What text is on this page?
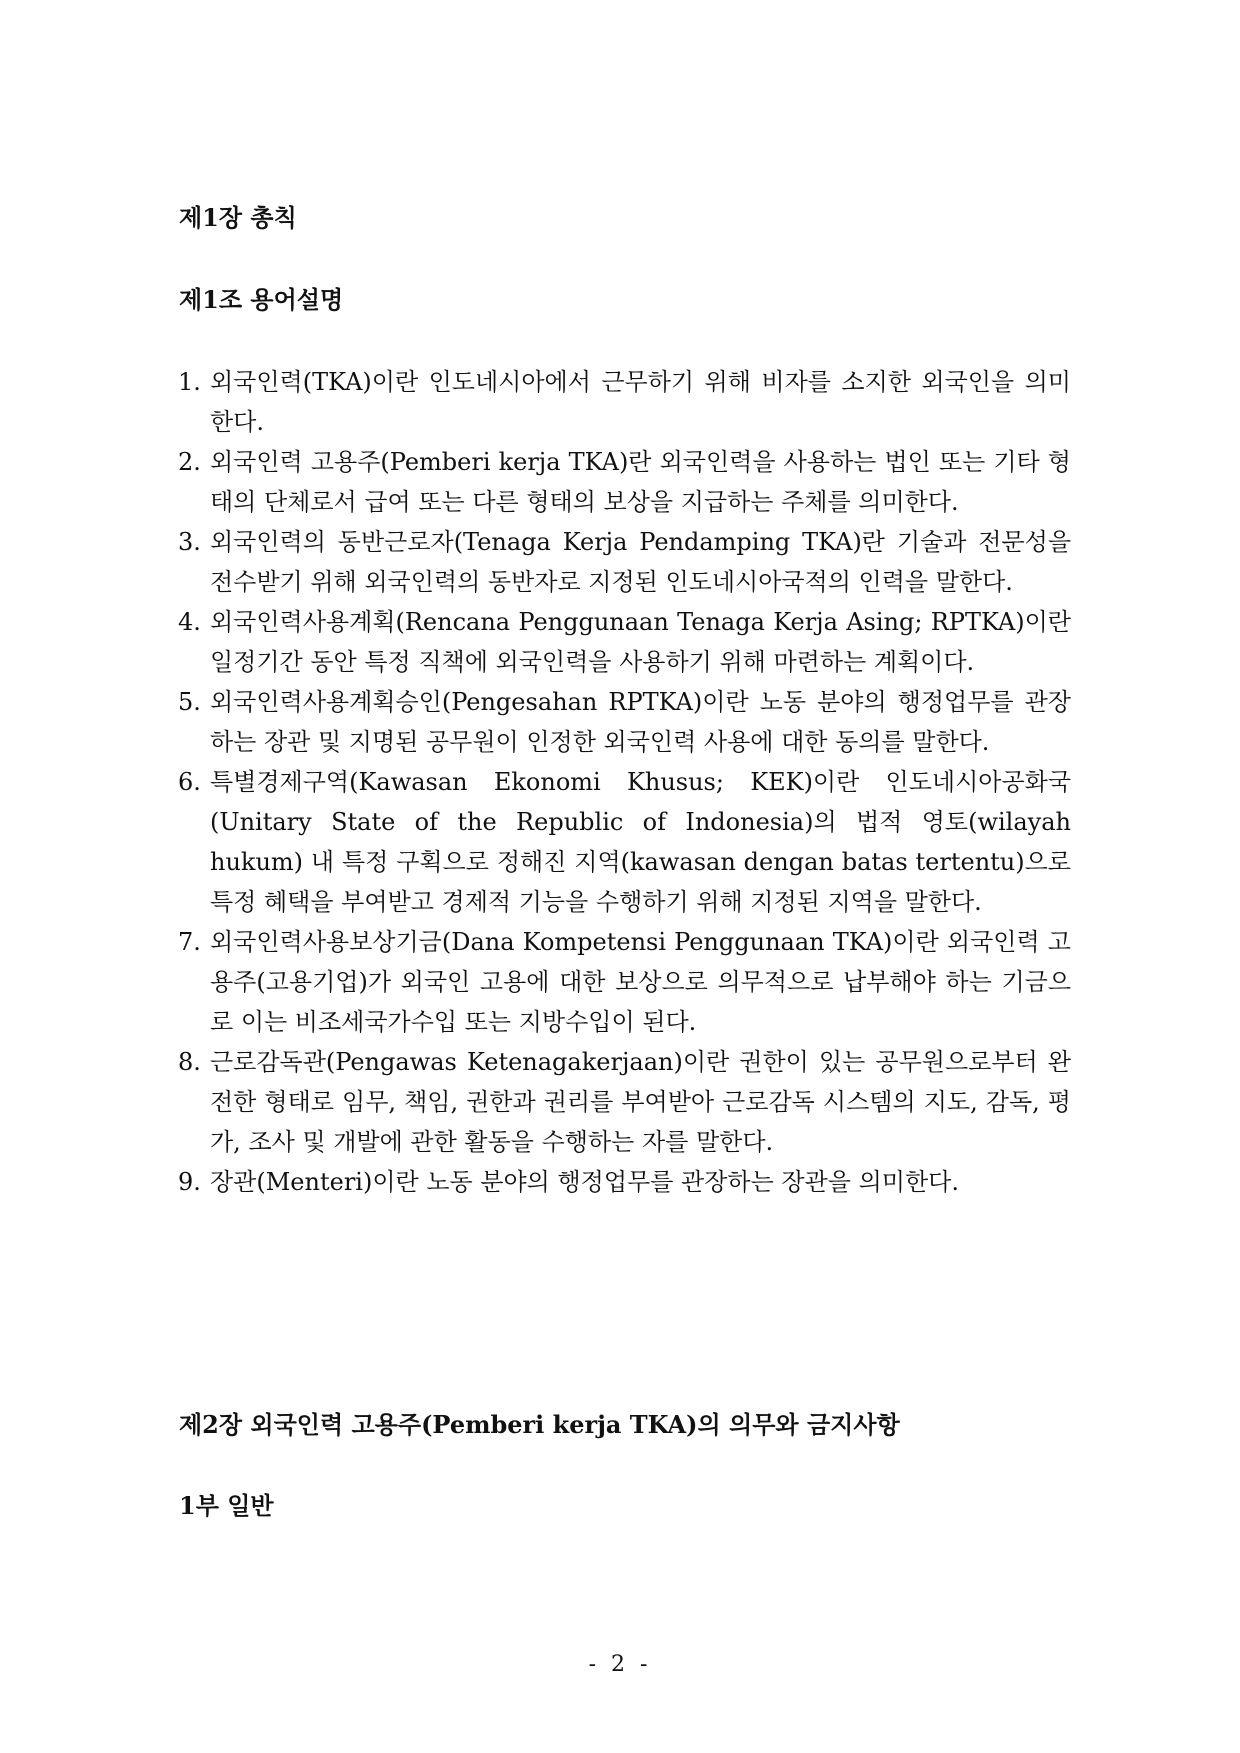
제1장 총칙
제1조 용어설명
1. 외국인력(TKA)이란 인도네시아에서 근무하기 위해 비자를 소지한 외국인을 의미한다.
2. 외국인력 고용주(Pemberi kerja TKA)란 외국인력을 사용하는 법인 또는 기타 형태의 단체로서 급여 또는 다른 형태의 보상을 지급하는 주체를 의미한다.
3. 외국인력의 동반근로자(Tenaga Kerja Pendamping TKA)란 기술과 전문성을 전수받기 위해 외국인력의 동반자로 지정된 인도네시아국적의 인력을 말한다.
4. 외국인력사용계획(Rencana Penggunaan Tenaga Kerja Asing; RPTKA)이란 일정기간 동안 특정 직책에 외국인력을 사용하기 위해 마련하는 계획이다.
5. 외국인력사용계획승인(Pengesahan RPTKA)이란 노동 분야의 행정업무를 관장하는 장관 및 지명된 공무원이 인정한 외국인력 사용에 대한 동의를 말한다.
6. 특별경제구역(Kawasan Ekonomi Khusus; KEK)이란 인도네시아공화국(Unitary State of the Republic of Indonesia)의 법적 영토(wilayah hukum) 내 특정 구획으로 정해진 지역(kawasan dengan batas tertentu)으로 특정 혜택을 부여받고 경제적 기능을 수행하기 위해 지정된 지역을 말한다.
7. 외국인력사용보상기금(Dana Kompetensi Penggunaan TKA)이란 외국인력 고용주(고용기업)가 외국인 고용에 대한 보상으로 의무적으로 납부해야 하는 기금으로 이는 비조세국가수입 또는 지방수입이 된다.
8. 근로감독관(Pengawas Ketenagakerjaan)이란 권한이 있는 공무원으로부터 완전한 형태로 임무, 책임, 권한과 권리를 부여받아 근로감독 시스템의 지도, 감독, 평가, 조사 및 개발에 관한 활동을 수행하는 자를 말한다.
9. 장관(Menteri)이란 노동 분야의 행정업무를 관장하는 장관을 의미한다.
제2장 외국인력 고용주(Pemberi kerja TKA)의 의무와 금지사항
1부 일반
- 2 -
